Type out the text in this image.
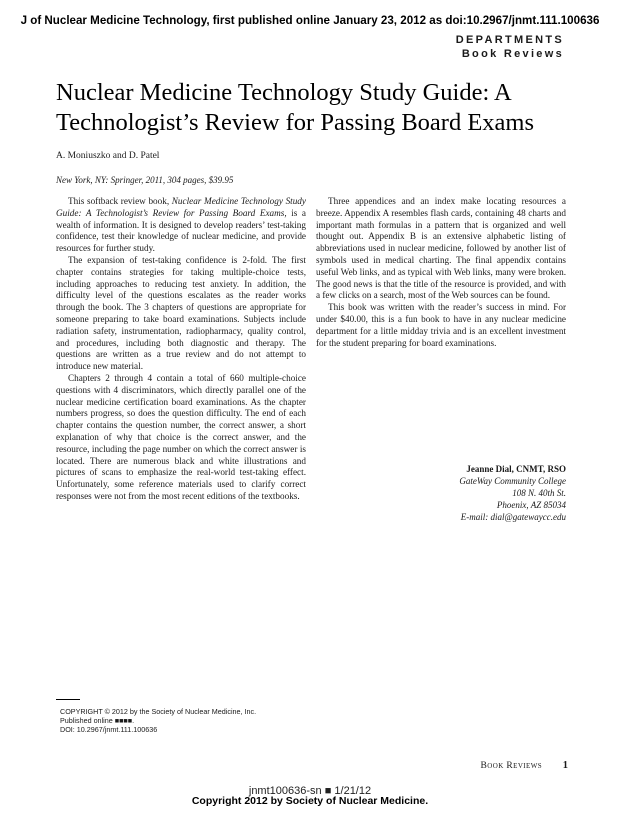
J of Nuclear Medicine Technology, first published online January 23, 2012 as doi:10.2967/jnmt.111.100636
DEPARTMENTS
Book Reviews
Nuclear Medicine Technology Study Guide: A Technologist’s Review for Passing Board Exams
A. Moniuszko and D. Patel
New York, NY: Springer, 2011, 304 pages, $39.95

This softback review book, Nuclear Medicine Technology Study Guide: A Technologist’s Review for Passing Board Exams, is a wealth of information. It is designed to develop readers’ test-taking confidence, test their knowledge of nuclear medicine, and provide resources for further study.

The expansion of test-taking confidence is 2-fold. The first chapter contains strategies for taking multiple-choice tests, including approaches to reducing test anxiety. In addition, the difficulty level of the questions escalates as the reader works through the book. The 3 chapters of questions are appropriate for someone preparing to take board examinations. Subjects include radiation safety, instrumentation, radiopharmacy, quality control, and procedures, including both diagnostic and therapy. The questions are written as a true review and do not attempt to introduce new material.

Chapters 2 through 4 contain a total of 660 multiple-choice questions with 4 discriminators, which directly parallel one of the nuclear medicine certification board examinations. As the chapter numbers progress, so does the question difficulty. The end of each chapter contains the question number, the correct answer, a short explanation of why that choice is the correct answer, and the resource, including the page number on which the correct answer is located. There are numerous black and white illustrations and pictures of scans to emphasize the real-world test-taking effect. Unfortunately, some reference materials used to clarify correct responses were not from the most recent editions of the textbooks.

Three appendices and an index make locating resources a breeze. Appendix A resembles flash cards, containing 48 charts and important math formulas in a pattern that is organized and well thought out. Appendix B is an extensive alphabetic listing of abbreviations used in nuclear medicine, followed by another list of symbols used in medical charting. The final appendix contains useful Web links, and as typical with Web links, many were broken. The good news is that the title of the resource is provided, and with a few clicks on a search, most of the Web sources can be found.

This book was written with the reader’s success in mind. For under $40.00, this is a fun book to have in any nuclear medicine department for a little midday trivia and is an excellent investment for the student preparing for board examinations.

Jeanne Dial, CNMT, RSO
GateWay Community College
108 N. 40th St.
Phoenix, AZ 85034
E-mail: dial@gatewaycc.edu
COPYRIGHT © 2012 by the Society of Nuclear Medicine, Inc.
Published online ■■■■.
DOI: 10.2967/jnmt.111.100636
Book Reviews 1
jnmt100636-sn ■ 1/21/12
Copyright 2012 by Society of Nuclear Medicine.
